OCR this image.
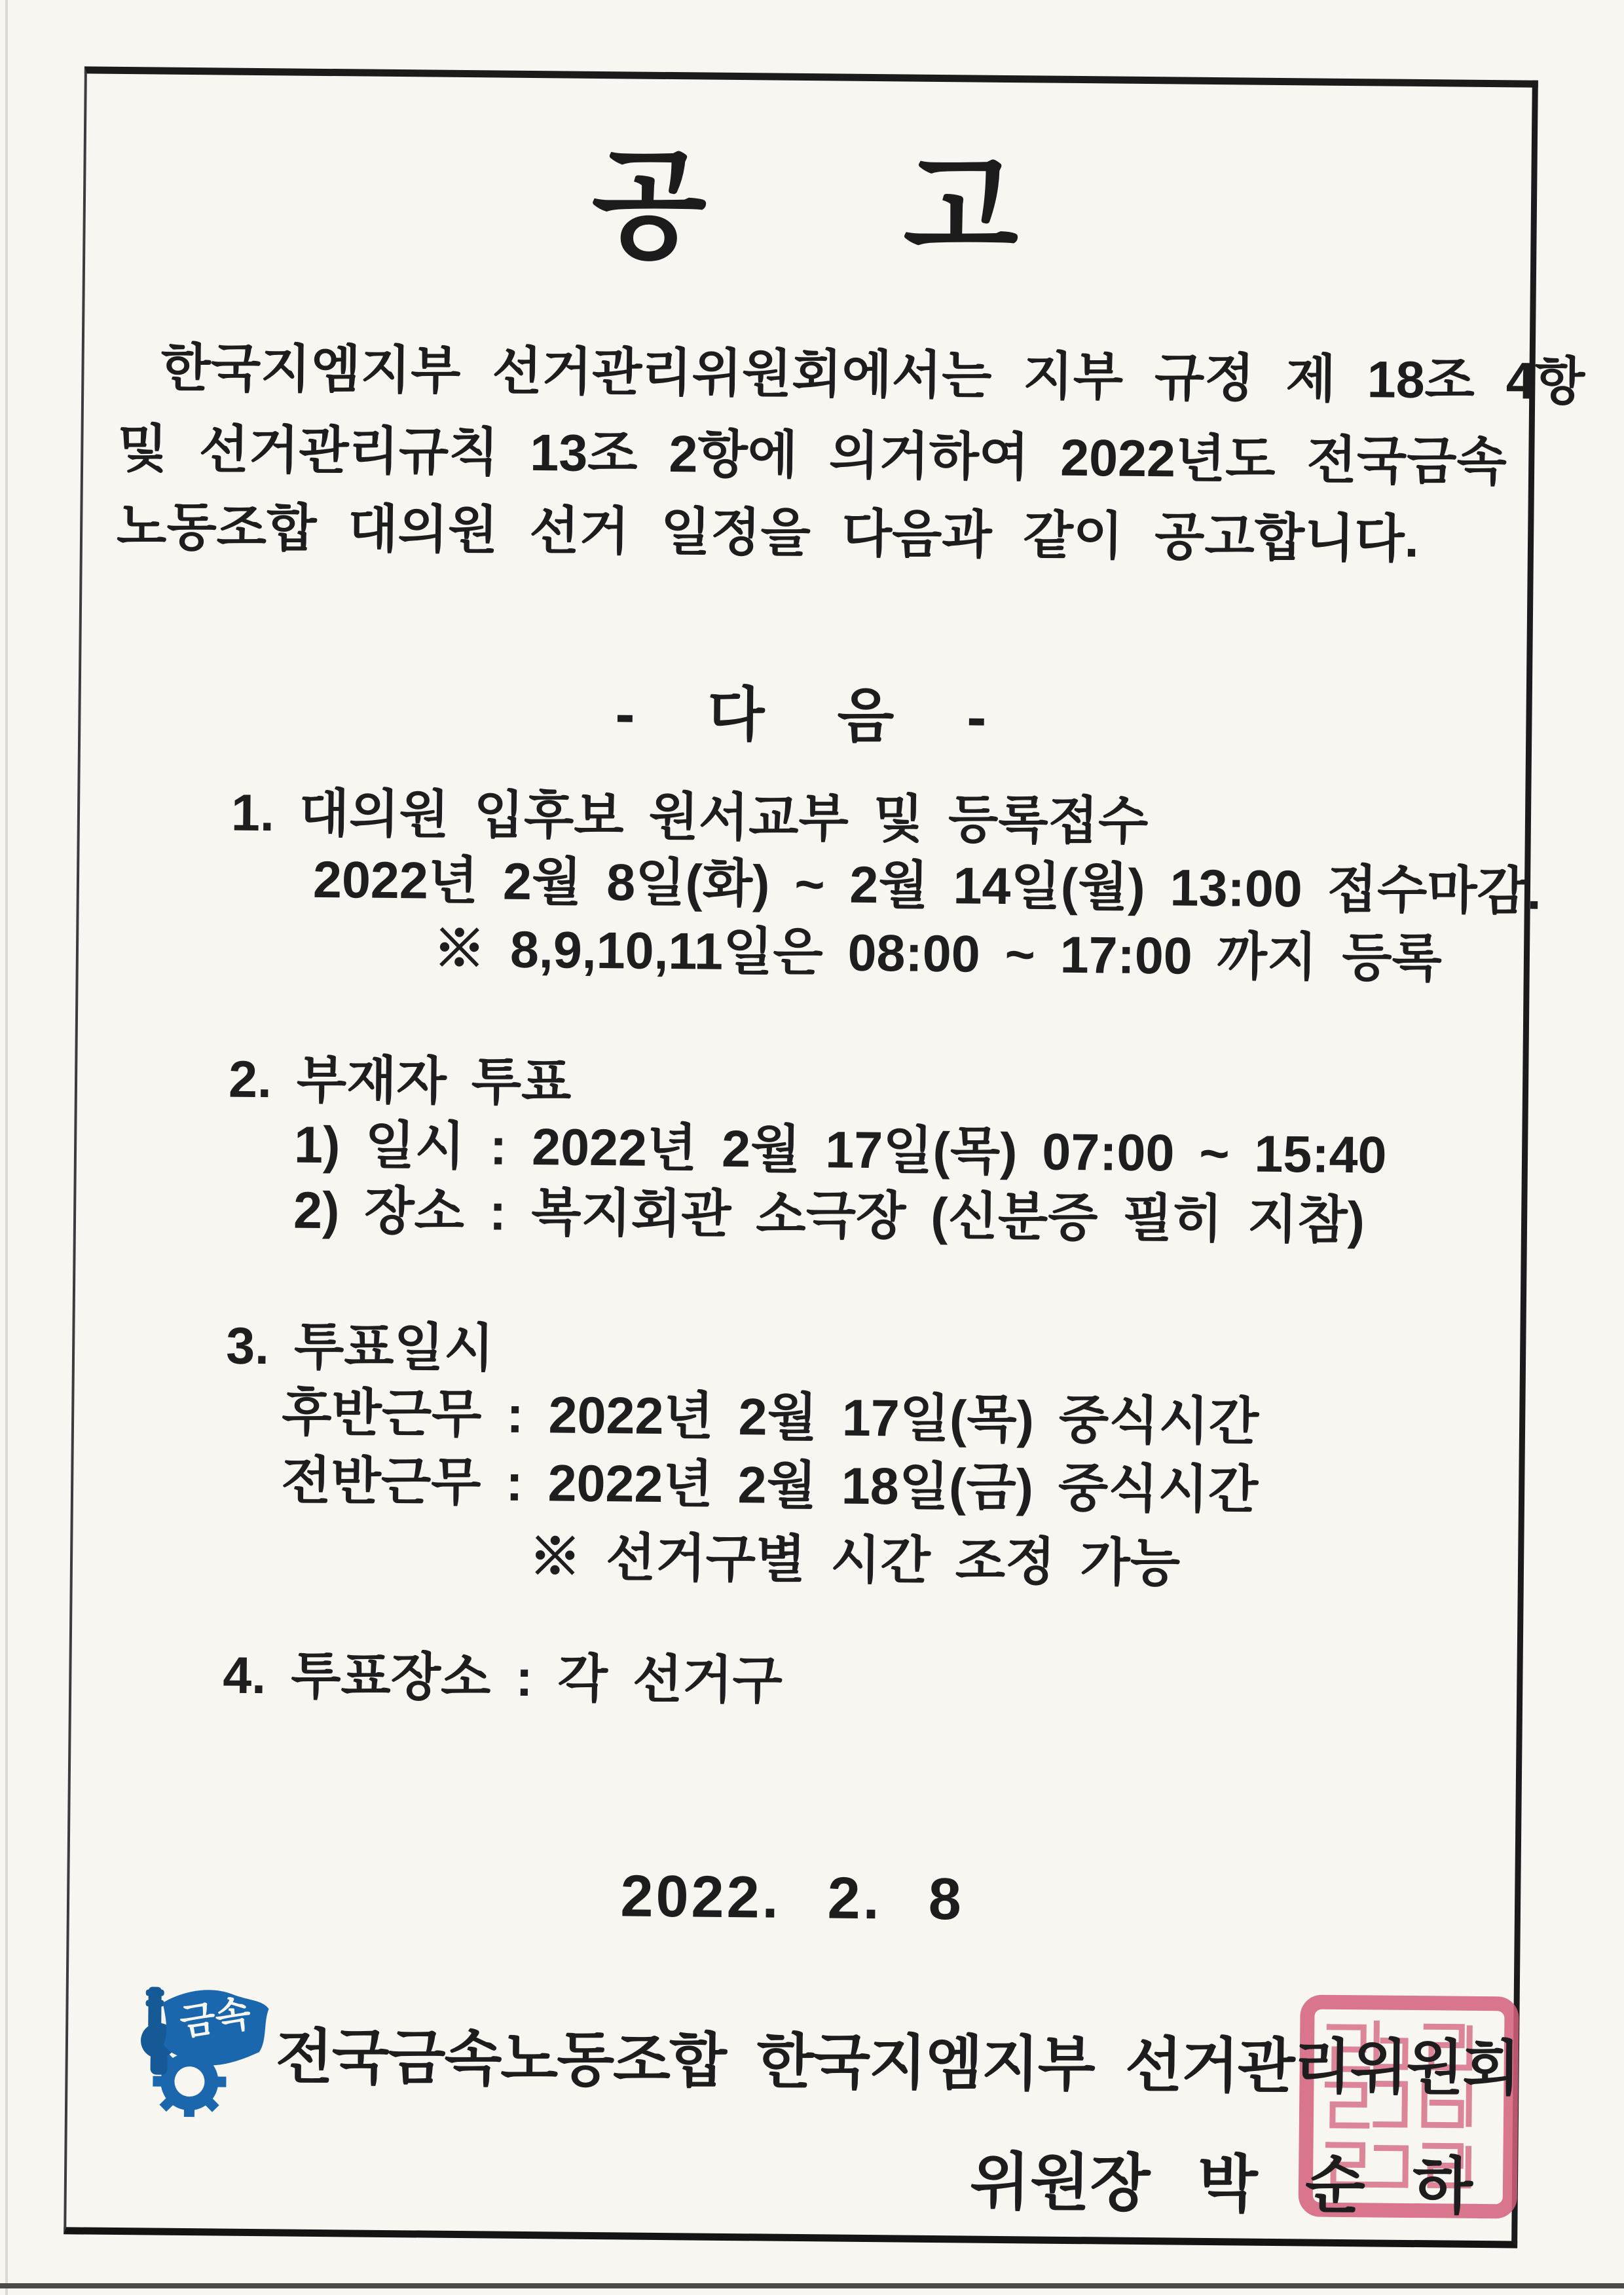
공 고
한국지엠지부 선거관리위원회에서는 지부 규정 제 18조 4항
및 선거관리규칙 13조 2항에 의거하여 2022년도 전국금속
노동조합 대의원 선거 일정을 다음과 같이 공고합니다.
- 다 음 -
1. 대의원 입후보 원서교부 및 등록접수
2022년 2월 8일(화) ~ 2월 14일(월) 13:00 접수마감.
※ 8,9,10,11일은 08:00 ~ 17:00 까지 등록
2. 부재자 투표
1) 일시 : 2022년 2월 17일(목) 07:00 ~ 15:40
2) 장소 : 복지회관 소극장 (신분증 필히 지참)
3. 투표일시
후반근무 : 2022년 2월 17일(목) 중식시간
전반근무 : 2022년 2월 18일(금) 중식시간
※ 선거구별 시간 조정 가능
4. 투표장소 : 각 선거구
2022. 2. 8
금속
전국금속노동조합 한국지엠지부 선거관리위원회
위원장 박 순 하
